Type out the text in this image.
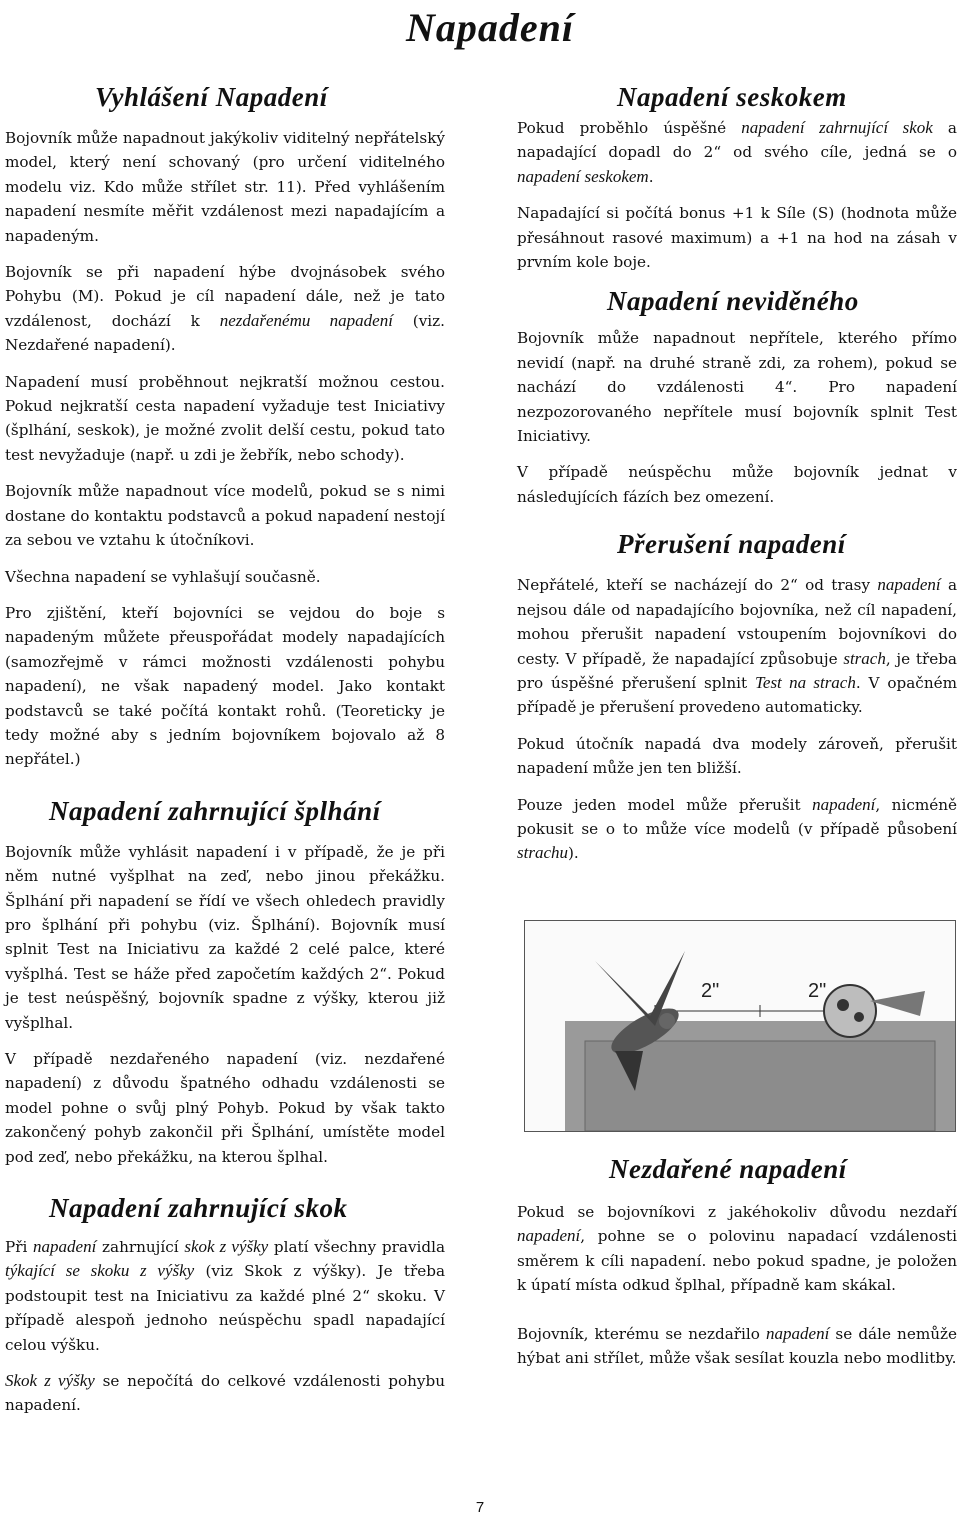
Napadení
Vyhlášení Napadení

Bojovník může napadnout jakýkoliv viditelný nepřátelský model, který není schovaný (pro určení viditelného modelu viz. Kdo může střílet str. 11). Před vyhlášením napadení nesmíte měřit vzdálenost mezi napadajícím a napadeným.

Bojovník se při napadení hýbe dvojnásobek svého Pohybu (M). Pokud je cíl napadení dále, než je tato vzdálenost, dochází k nezdařenému napadení (viz. Nezdařené napadení).

Napadení musí proběhnout nejkratší možnou cestou. Pokud nejkratší cesta napadení vyžaduje test Iniciativy (šplhání, seskok), je možné zvolit delší cestu, pokud tato test nevyžaduje (např. u zdi je žebřík, nebo schody).

Bojovník může napadnout více modelů, pokud se s nimi dostane do kontaktu podstavců a pokud napadení nestojí za sebou ve vztahu k útočníkovi.

Všechna napadení se vyhlašují současně.

Pro zjištění, kteří bojovníci se vejdou do boje s napadeným můžete přeuspořádat modely napadajících (samozřejmě v rámci možnosti vzdálenosti pohybu napadení), ne však napadený model. Jako kontakt podstavců se také počítá kontakt rohů. (Teoreticky je tedy možné aby s jedním bojovníkem bojovalo až 8 nepřátel.)

Napadení zahrnující šplhání

Bojovník může vyhlásit napadení i v případě, že je při něm nutné vyšplhat na zeď, nebo jinou překážku. Šplhání při napadení se řídí ve všech ohledech pravidly pro šplhání při pohybu (viz. Šplhání). Bojovník musí splnit Test na Iniciativu za každé 2 celé palce, které vyšplhá. Test se háže před započetím každých 2“. Pokud je test neúspěšný, bojovník spadne z výšky, kterou již vyšplhal.

V případě nezdařeného napadení (viz. nezdařené napadení) z důvodu špatného odhadu vzdálenosti se model pohne o svůj plný Pohyb. Pokud by však takto zakončený pohyb zakončil při Šplhání, umístěte model pod zeď, nebo překážku, na kterou šplhal.

Napadení zahrnující skok

Při napadení zahrnující skok z výšky platí všechny pravidla týkající se skoku z výšky (viz Skok z výšky). Je třeba podstoupit test na Iniciativu za každé plné 2“ skoku. V případě alespoň jednoho neúspěchu spadl napadající celou výšku.

Skok z výšky se nepočítá do celkové vzdálenosti pohybu napadení.

Napadení seskokem

Pokud proběhlo úspěšné napadení zahrnující skok a napadající dopadl do 2“ od svého cíle, jedná se o napadení seskokem.

Napadající si počítá bonus +1 k Síle (S) (hodnota může přesáhnout rasové maximum) a +1 na hod na zásah v prvním kole boje.

Napadení neviděného

Bojovník může napadnout nepřítele, kterého přímo nevidí (např. na druhé straně zdi, za rohem), pokud se nachází do vzdálenosti 4“. Pro napadení nezpozorovaného nepřítele musí bojovník splnit Test Iniciativy.

V případě neúspěchu může bojovník jednat v následujících fázích bez omezení.

Přerušení napadení

Nepřátelé, kteří se nacházejí do 2“ od trasy napadení a nejsou dále od napadajícího bojovníka, než cíl napadení, mohou přerušit napadení vstoupením bojovníkovi do cesty. V případě, že napadající způsobuje strach, je třeba pro úspěšné přerušení splnit Test na strach. V opačném případě je přerušení provedeno automaticky.

Pokud útočník napadá dva modely zároveň, přerušit napadení může jen ten bližší.

Pouze jeden model může přerušit napadení, nicméně pokusit se o to může více modelů (v případě působení strachu).

2"	2"
Nezdařené napadení

Pokud se bojovníkovi z jakéhokoliv důvodu nezdaří napadení, pohne se o polovinu napadací vzdálenosti směrem k cíli napadení. nebo pokud spadne, je položen k úpatí místa odkud šplhal, případně kam skákal.

Bojovník, kterému se nezdařilo napadení se dále nemůže hýbat ani střílet, může však sesílat kouzla nebo modlitby.

7
